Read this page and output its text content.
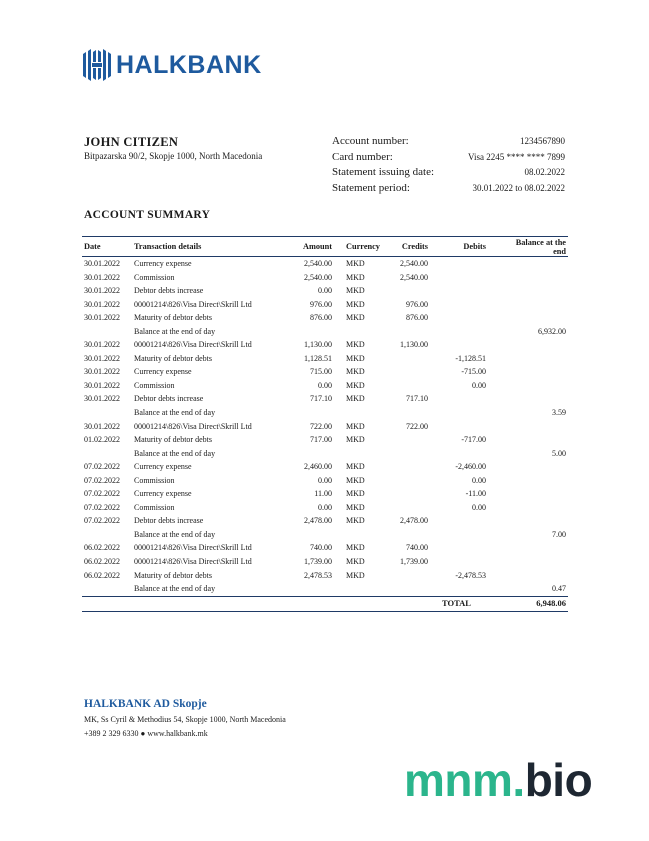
HALKBANK
JOHN CITIZEN
Bitpazarska 90/2, Skopje 1000, North Macedonia
Account number:	1234567890
Card number:	Visa 2245 **** **** 7899
Statement issuing date:	08.02.2022
Statement period:	30.01.2022 to 08.02.2022
ACCOUNT SUMMARY
Date	Transaction details	Amount	Currency	Credits	Debits	Balance at the end
30.01.2022	Currency expense	2,540.00	MKD	2,540.00		
30.01.2022	Commission	2,540.00	MKD	2,540.00		
30.01.2022	Debtor debts increase	0.00	MKD			
30.01.2022	00001214\826\Visa Direct\Skrill Ltd	976.00	MKD	976.00		
30.01.2022	Maturity of debtor debts	876.00	MKD	876.00		
	Balance at the end of day					6,932.00
30.01.2022	00001214\826\Visa Direct\Skrill Ltd	1,130.00	MKD	1,130.00		
30.01.2022	Maturity of debtor debts	1,128.51	MKD		-1,128.51	
30.01.2022	Currency expense	715.00	MKD		-715.00	
30.01.2022	Commission	0.00	MKD		0.00	
30.01.2022	Debtor debts increase	717.10	MKD	717.10		
	Balance at the end of day					3.59
30.01.2022	00001214\826\Visa Direct\Skrill Ltd	722.00	MKD	722.00		
01.02.2022	Maturity of debtor debts	717.00	MKD		-717.00	
	Balance at the end of day					5.00
07.02.2022	Currency expense	2,460.00	MKD		-2,460.00	
07.02.2022	Commission	0.00	MKD		0.00	
07.02.2022	Currency expense	11.00	MKD		-11.00	
07.02.2022	Commission	0.00	MKD		0.00	
07.02.2022	Debtor debts increase	2,478.00	MKD	2,478.00		
	Balance at the end of day					7.00
06.02.2022	00001214\826\Visa Direct\Skrill Ltd	740.00	MKD	740.00		
06.02.2022	00001214\826\Visa Direct\Skrill Ltd	1,739.00	MKD	1,739.00		
06.02.2022	Maturity of debtor debts	2,478.53	MKD		-2,478.53	
	Balance at the end of day					0.47
					TOTAL	6,948.06
HALKBANK AD Skopje
MK, Ss Cyril & Methodius 54, Skopje 1000, North Macedonia
+389 2 329 6330 ● www.halkbank.mk
mnm.bio
